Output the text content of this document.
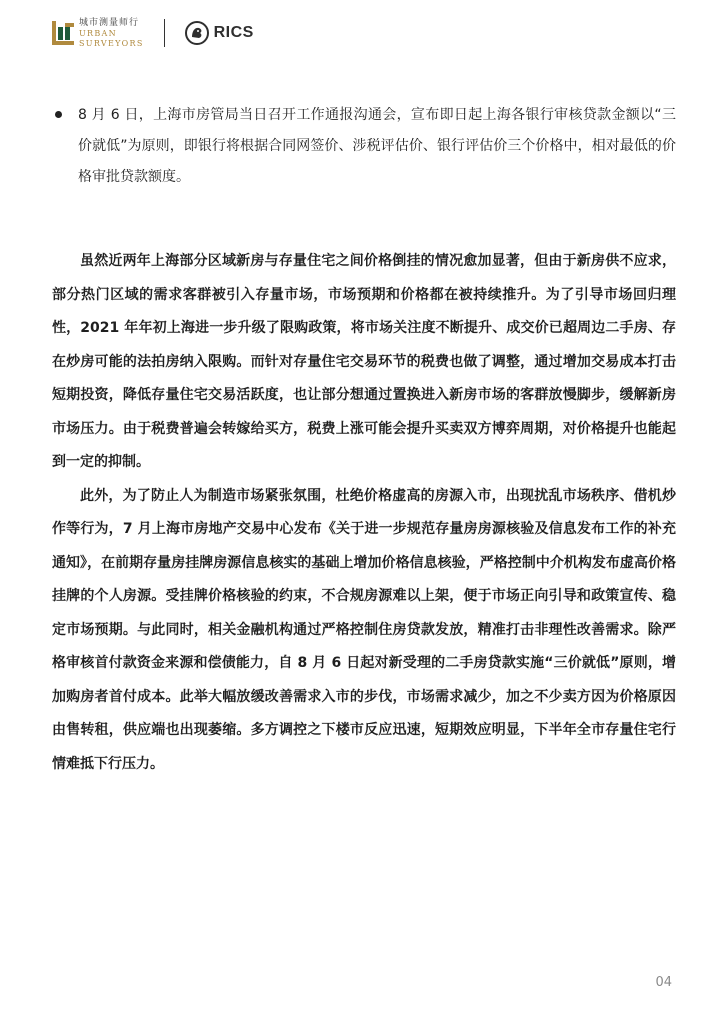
城市测量师行
URBAN
SURVEYORS
RICS
8 月 6 日，上海市房管局当日召开工作通报沟通会，宣布即日起上海各银行审核贷款金额以“三价就低”为原则，即银行将根据合同网签价、涉税评估价、银行评估价三个价格中，相对最低的价格审批贷款额度。

虽然近两年上海部分区域新房与存量住宅之间价格倒挂的情况愈加显著，但由于新房供不应求，部分热门区域的需求客群被引入存量市场，市场预期和价格都在被持续推升。为了引导市场回归理性，2021 年年初上海进一步升级了限购政策，将市场关注度不断提升、成交价已超周边二手房、存在炒房可能的法拍房纳入限购。而针对存量住宅交易环节的税费也做了调整，通过增加交易成本打击短期投资，降低存量住宅交易活跃度，也让部分想通过置换进入新房市场的客群放慢脚步，缓解新房市场压力。由于税费普遍会转嫁给买方，税费上涨可能会提升买卖双方博弈周期，对价格提升也能起到一定的抑制。

此外，为了防止人为制造市场紧张氛围，杜绝价格虚高的房源入市，出现扰乱市场秩序、借机炒作等行为，7 月上海市房地产交易中心发布《关于进一步规范存量房房源核验及信息发布工作的补充通知》，在前期存量房挂牌房源信息核实的基础上增加价格信息核验，严格控制中介机构发布虚高价格挂牌的个人房源。受挂牌价格核验的约束，不合规房源难以上架，便于市场正向引导和政策宣传、稳定市场预期。与此同时，相关金融机构通过严格控制住房贷款发放，精准打击非理性改善需求。除严格审核首付款资金来源和偿债能力，自 8 月 6 日起对新受理的二手房贷款实施“三价就低”原则，增加购房者首付成本。此举大幅放缓改善需求入市的步伐，市场需求减少，加之不少卖方因为价格原因由售转租，供应端也出现萎缩。多方调控之下楼市反应迅速，短期效应明显，下半年全市存量住宅行情难抵下行压力。

04
